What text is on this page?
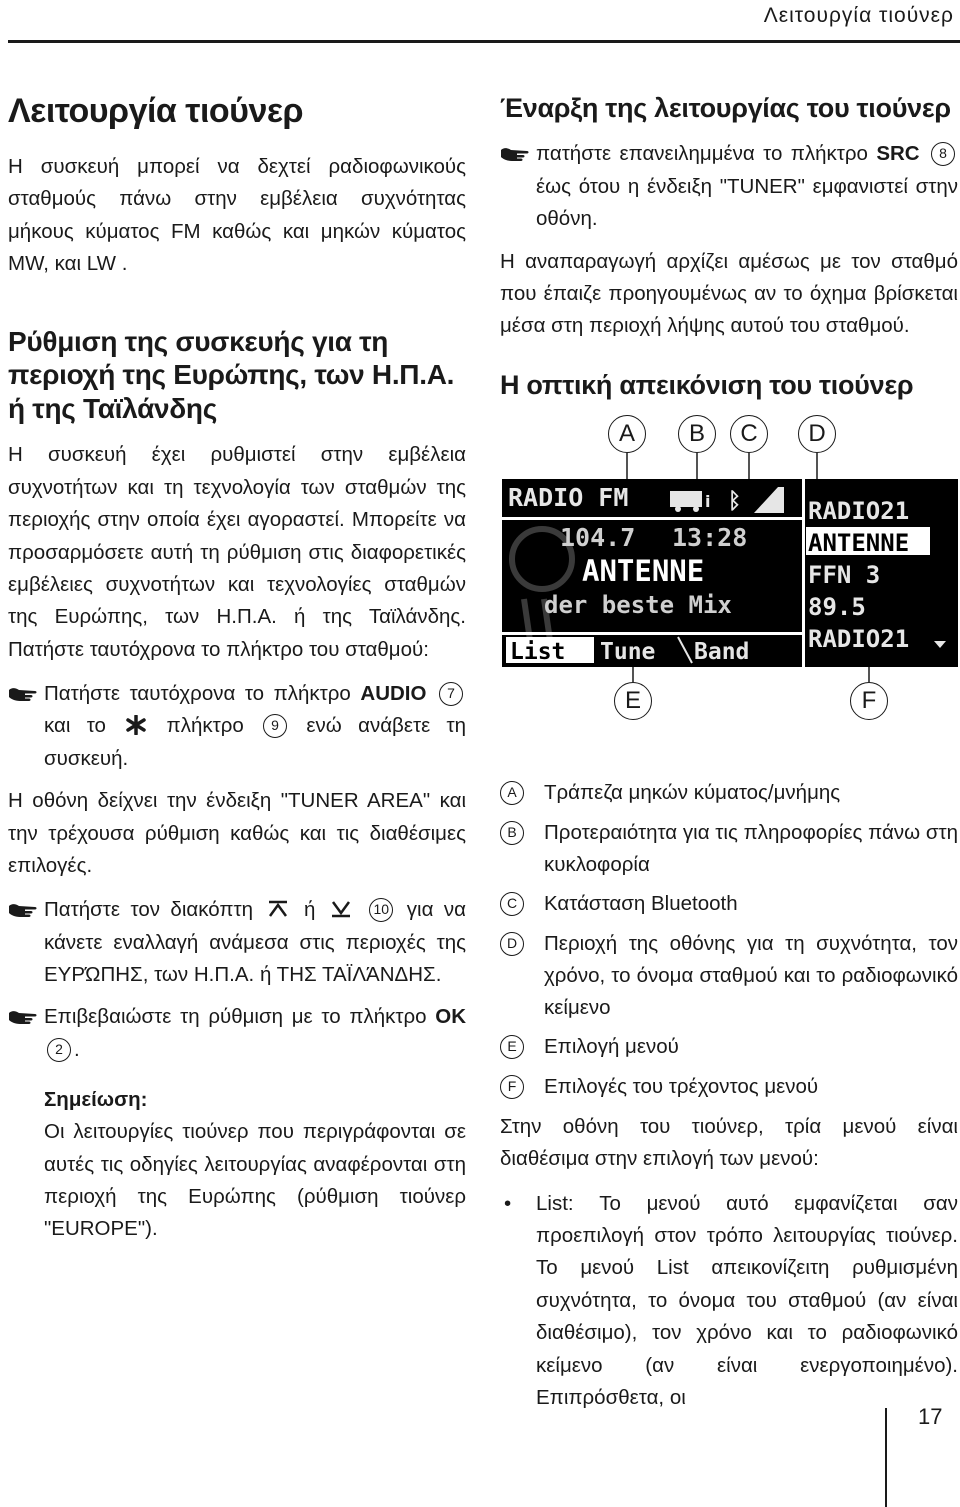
Λειτουργία τιούνερ
Λειτουργία τιούνερ

Η συσκευή μπορεί να δεχτεί ραδιοφωνικούς σταθμούς πάνω στην εμβέλεια συχνότητας μήκους κύματος FM καθώς και μηκών κύματος MW, και LW .

Ρύθμιση της συσκευής για τη περιοχή της Ευρώπης, των Η.Π.Α. ή της Ταϊλάνδης

Η συσκευή έχει ρυθμιστεί στην εμβέλεια συχνοτήτων και τη τεχνολογία των σταθμών της περιοχής στην οποία έχει αγοραστεί. Μπορείτε να προσαρμόσετε αυτή τη ρύθμιση στις διαφορετικές εμβέλειες συχνοτήτων και τεχνολογίες σταθμών της Ευρώπης, των Η.Π.Α. ή της Ταϊλάνδης. Πατήστε ταυτόχρονα το πλήκτρο του σταθμού:

Πατήστε ταυτόχρονα το πλήκτρο AUDIO 7 και το	πλήκτρο 9 ενώ ανάβετε τη συσκευή.

Η οθόνη δείχνει την ένδειξη "TUNER AREA" και την τρέχουσα ρύθμιση καθώς και τις διαθέσιμες επιλογές.

Πατήστε τον διακόπτη ή	10 για να κάνετε εναλλαγή ανάμεσα στις περιοχές της ΕΥΡΏΠΗΣ, των Η.Π.Α. ή ΤΗΣ ΤΑΪΛΆΝΔΗΣ.
Επιβεβαιώστε τη ρύθμιση με το πλήκτρο OK 2 .
Σημείωση:
Οι λειτουργίες τιούνερ που περιγράφονται σε αυτές τις οδηγίες λειτουργίας αναφέρονται στη περιοχή της Ευρώπης (ρύθμιση τιούνερ "EUROPE").
Έναρξη της λειτουργίας του τιούνερ
πατήστε επανειλημμένα το πλήκτρο SRC 8 έως ότου η ένδειξη "TUNER" εμφανιστεί στην οθόνη.

Η αναπαραγωγή αρχίζει αμέσως με τον σταθμό που έπαιζε προηγουμένως αν το όχημα βρίσκεται μέσα στη περιοχή λήψης αυτού του σταθμού.

Η οπτική απεικόνιση του τιούνερ
A	B	C	D
E	F
RADIO FM	i ᛒ
104.7 13:28
ANTENNE
der beste Mix
List Tune Band
RADIO21
ANTENNE
FFN 3
89.5
RADIO21
A	Τράπεζα μηκών κύματος/μνήμης
B	Προτεραιότητα για τις πληροφορίες πάνω στη κυκλοφορία
C	Κατάσταση Bluetooth
D	Περιοχή της οθόνης για τη συχνότητα, τον χρόνο, το όνομα σταθμού και το ραδιοφωνικό κείμενο
E	Επιλογή μενού
F	Επιλογές του τρέχοντος μενού

Στην οθόνη του τιούνερ, τρία μενού είναι διαθέσιμα στην επιλογή των μενού:

• List: Το μενού αυτό εμφανίζεται σαν προεπιλογή στον τρόπο λειτουργίας τιούνερ. Το μενού List απεικονίζειτη ρυθμισμένη συχνότητα, το όνομα του σταθμού (αν είναι διαθέσιμο), τον χρόνο και το ραδιοφωνικό κείμενο (αν είναι ενεργοποιημένο). Επιπρόσθετα, οι
17
